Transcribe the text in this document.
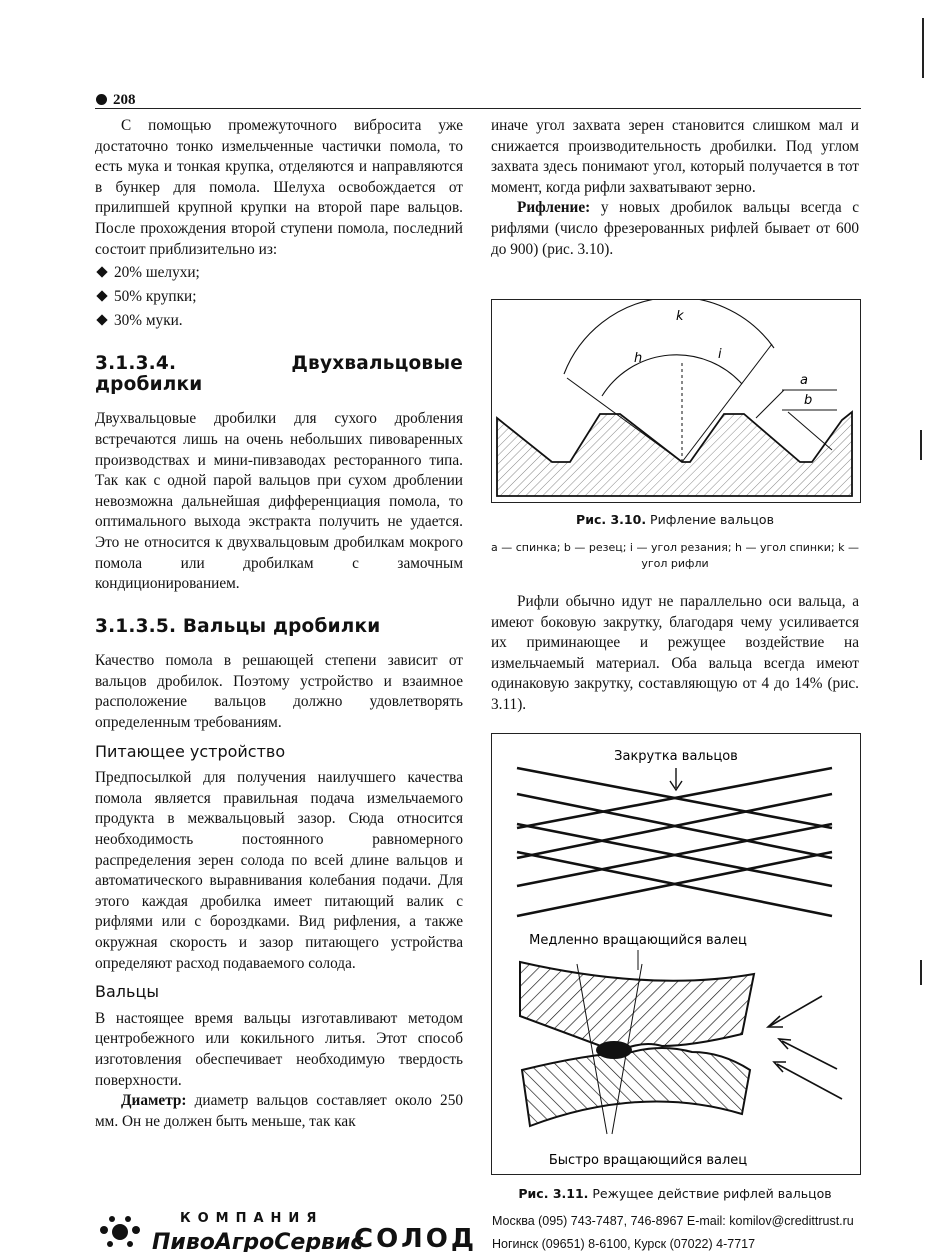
208

С помощью промежуточного вибросита уже достаточно тонко измельченные частички помола, то есть мука и тонкая крупка, отделяются и направляются в бункер для помола. Шелуха освобождается от прилипшей крупной крупки на второй паре вальцов. После прохождения второй ступени помола, последний состоит приблизительно из:

20% шелухи;
50% крупки;
30% муки.
3.1.3.4. Двухвальцовые дробилки

Двухвальцовые дробилки для сухого дробления встречаются лишь на очень небольших пивоваренных производствах и мини-пивзаводах ресторанного типа. Так как с одной парой вальцов при сухом дроблении невозможна дальнейшая дифференциация помола, то оптимального выхода экстракта получить не удается. Это не относится к двухвальцовым дробилкам мокрого помола или дробилкам с замочным кондиционированием.

3.1.3.5. Вальцы дробилки

Качество помола в решающей степени зависит от вальцов дробилок. Поэтому устройство и взаимное расположение вальцов должно удовлетворять определенным требованиям.

Питающее устройство

Предпосылкой для получения наилучшего качества помола является правильная подача измельчаемого продукта в межвальцовый зазор. Сюда относится необходимость постоянного равномерного распределения зерен солода по всей длине вальцов и автоматического выравнивания колебания подачи. Для этого каждая дробилка имеет питающий валик с рифлями или с бороздками. Вид рифления, а также окружная скорость и зазор питающего устройства определяют расход подаваемого солода.

Вальцы

В настоящее время вальцы изготавливают методом центробежного или кокильного литья. Этот способ изготовления обеспечивает необходимую твердость поверхности.

Диаметр: диаметр вальцов составляет около 250 мм. Он не должен быть меньше, так как

иначе угол захвата зерен становится слишком мал и снижается производительность дробилки. Под углом захвата здесь понимают угол, который получается в тот момент, когда рифли захватывают зерно.

Рифление: у новых дробилок вальцы всегда с рифлями (число фрезерованных рифлей бывает от 600 до 900) (рис. 3.10).

k
h	i
a
b
Рис. 3.10. Рифление вальцов
a — спинка; b — резец; i — угол резания; h — угол спинки; k — угол рифли

Рифли обычно идут не параллельно оси вальца, а имеют боковую закрутку, благодаря чему усиливается их приминающее и режущее воздействие на измельчаемый материал. Оба вальца всегда имеют одинаковую закрутку, составляющую от 4 до 14% (рис. 3.11).

Закрутка вальцов
Медленно вращающийся валец
Быстро вращающийся валец
Рис. 3.11. Режущее действие рифлей вальцов
КОМПАНИЯ
ПивоАгроСервис
СОЛОД
Москва (095) 743-7487, 746-8967 E-mail: komilov@credittrust.ru
Ногинск (09651) 8-6100, Курск (07022) 4-7717
